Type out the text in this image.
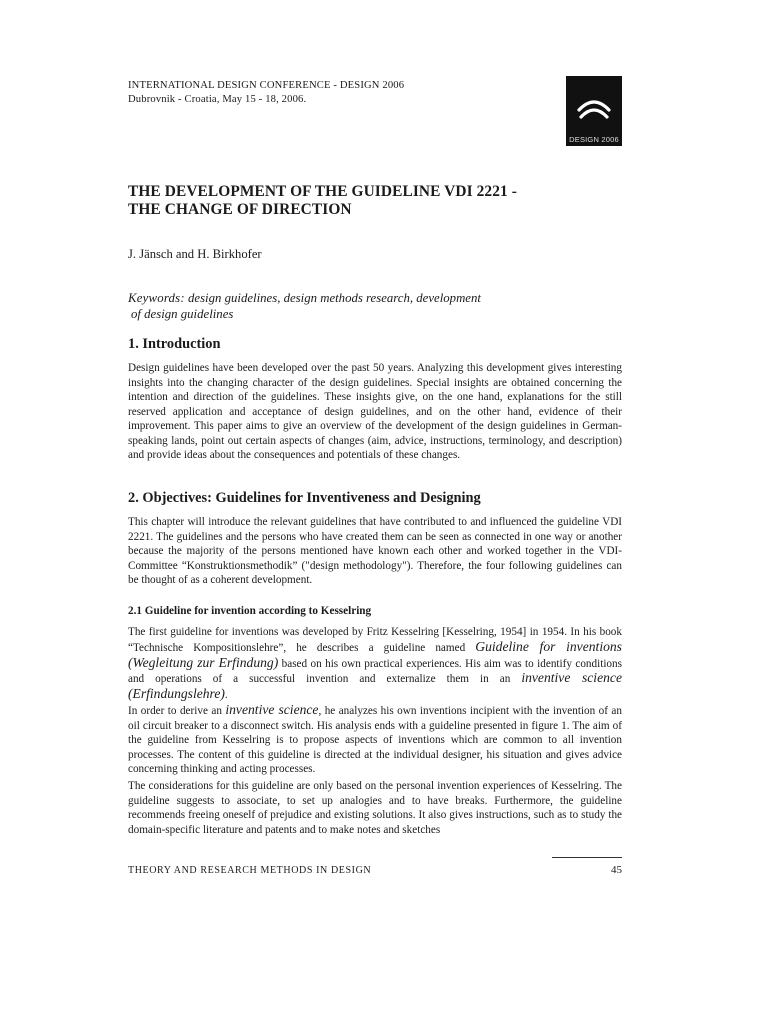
INTERNATIONAL DESIGN CONFERENCE - DESIGN 2006
Dubrovnik - Croatia, May 15 - 18, 2006.
DESIGN 2006
THE DEVELOPMENT OF THE GUIDELINE VDI 2221 -
THE CHANGE OF DIRECTION
J. Jänsch and H. Birkhofer
Keywords: design guidelines, design methods research, development
of design guidelines
1. Introduction

Design guidelines have been developed over the past 50 years. Analyzing this development gives interesting insights into the changing character of the design guidelines. Special insights are obtained concerning the intention and direction of the guidelines. These insights give, on the one hand, explanations for the still reserved application and acceptance of design guidelines, and on the other hand, evidence of their improvement. This paper aims to give an overview of the development of the design guidelines in German-speaking lands, point out certain aspects of changes (aim, advice, instructions, terminology, and description) and provide ideas about the consequences and potentials of these changes.

2. Objectives: Guidelines for Inventiveness and Designing

This chapter will introduce the relevant guidelines that have contributed to and influenced the guideline VDI 2221. The guidelines and the persons who have created them can be seen as connected in one way or another because the majority of the persons mentioned have known each other and worked together in the VDI-Committee “Konstruktionsmethodik” ("design methodology"). Therefore, the four following guidelines can be thought of as a coherent development.

2.1 Guideline for invention according to Kesselring

The first guideline for inventions was developed by Fritz Kesselring [Kesselring, 1954] in 1954. In his book “Technische Kompositionslehre”, he describes a guideline named Guideline for inventions (Wegleitung zur Erfindung) based on his own practical experiences. His aim was to identify conditions and operations of a successful invention and externalize them in an inventive science (Erfindungslehre).

In order to derive an inventive science, he analyzes his own inventions incipient with the invention of an oil circuit breaker to a disconnect switch. His analysis ends with a guideline presented in figure 1. The aim of the guideline from Kesselring is to propose aspects of inventions which are common to all invention processes. The content of this guideline is directed at the individual designer, his situation and gives advice concerning thinking and acting processes.

The considerations for this guideline are only based on the personal invention experiences of Kesselring. The guideline suggests to associate, to set up analogies and to have breaks. Furthermore, the guideline recommends freeing oneself of prejudice and existing solutions. It also gives instructions, such as to study the domain-specific literature and patents and to make notes and sketches

THEORY AND RESEARCH METHODS IN DESIGN	45
